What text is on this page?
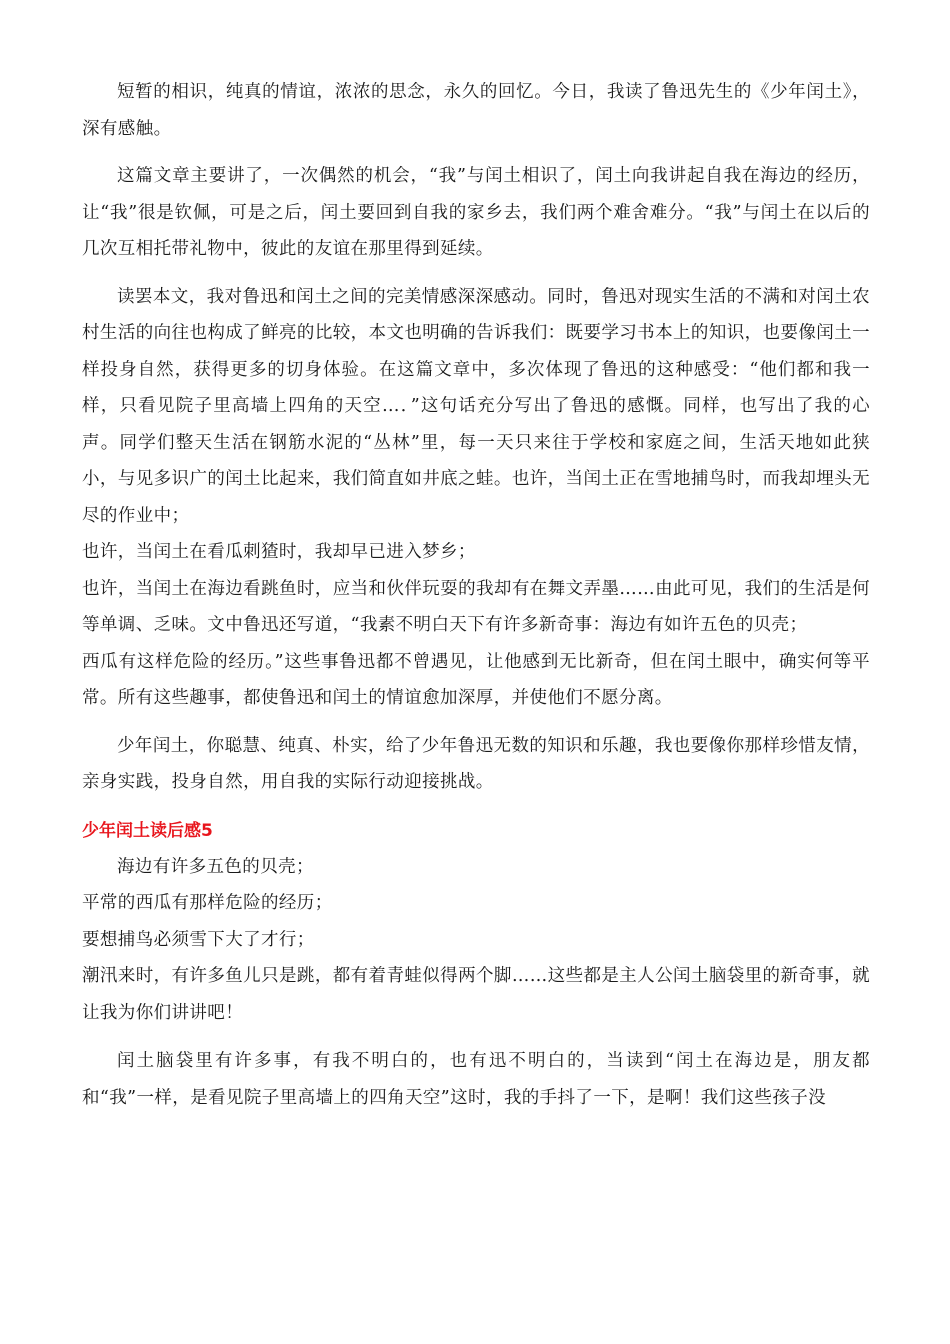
短暂的相识，纯真的情谊，浓浓的思念，永久的回忆。今日，我读了鲁迅先生的《少年闰土》，深有感触。

这篇文章主要讲了，一次偶然的机会，“我”与闰土相识了，闰土向我讲起自我在海边的经历，让“我”很是钦佩，可是之后，闰土要回到自我的家乡去，我们两个难舍难分。“我”与闰土在以后的几次互相托带礼物中，彼此的友谊在那里得到延续。

读罢本文，我对鲁迅和闰土之间的完美情感深深感动。同时，鲁迅对现实生活的不满和对闰土农村生活的向往也构成了鲜亮的比较，本文也明确的告诉我们：既要学习书本上的知识，也要像闰土一样投身自然，获得更多的切身体验。在这篇文章中，多次体现了鲁迅的这种感受：“他们都和我一样，只看见院子里高墙上四角的天空…．”这句话充分写出了鲁迅的感慨。同样，也写出了我的心声。同学们整天生活在钢筋水泥的“丛林”里，每一天只来往于学校和家庭之间，生活天地如此狭小，与见多识广的闰土比起来，我们简直如井底之蛙。也许，当闰土正在雪地捕鸟时，而我却埋头无尽的作业中；

也许，当闰土在看瓜刺猹时，我却早已进入梦乡；

也许，当闰土在海边看跳鱼时，应当和伙伴玩耍的我却有在舞文弄墨……由此可见，我们的生活是何等单调、乏味。文中鲁迅还写道，“我素不明白天下有许多新奇事：海边有如许五色的贝壳；

西瓜有这样危险的经历。”这些事鲁迅都不曾遇见，让他感到无比新奇，但在闰土眼中，确实何等平常。所有这些趣事，都使鲁迅和闰土的情谊愈加深厚，并使他们不愿分离。

少年闰土，你聪慧、纯真、朴实，给了少年鲁迅无数的知识和乐趣，我也要像你那样珍惜友情，亲身实践，投身自然，用自我的实际行动迎接挑战。

少年闰土读后感5

海边有许多五色的贝壳；

平常的西瓜有那样危险的经历；

要想捕鸟必须雪下大了才行；

潮汛来时，有许多鱼儿只是跳，都有着青蛙似得两个脚……这些都是主人公闰土脑袋里的新奇事，就让我为你们讲讲吧！

闰土脑袋里有许多事，有我不明白的，也有迅不明白的，当读到“闰土在海边是，朋友都和“我”一样，是看见院子里高墙上的四角天空”这时，我的手抖了一下，是啊！我们这些孩子没
